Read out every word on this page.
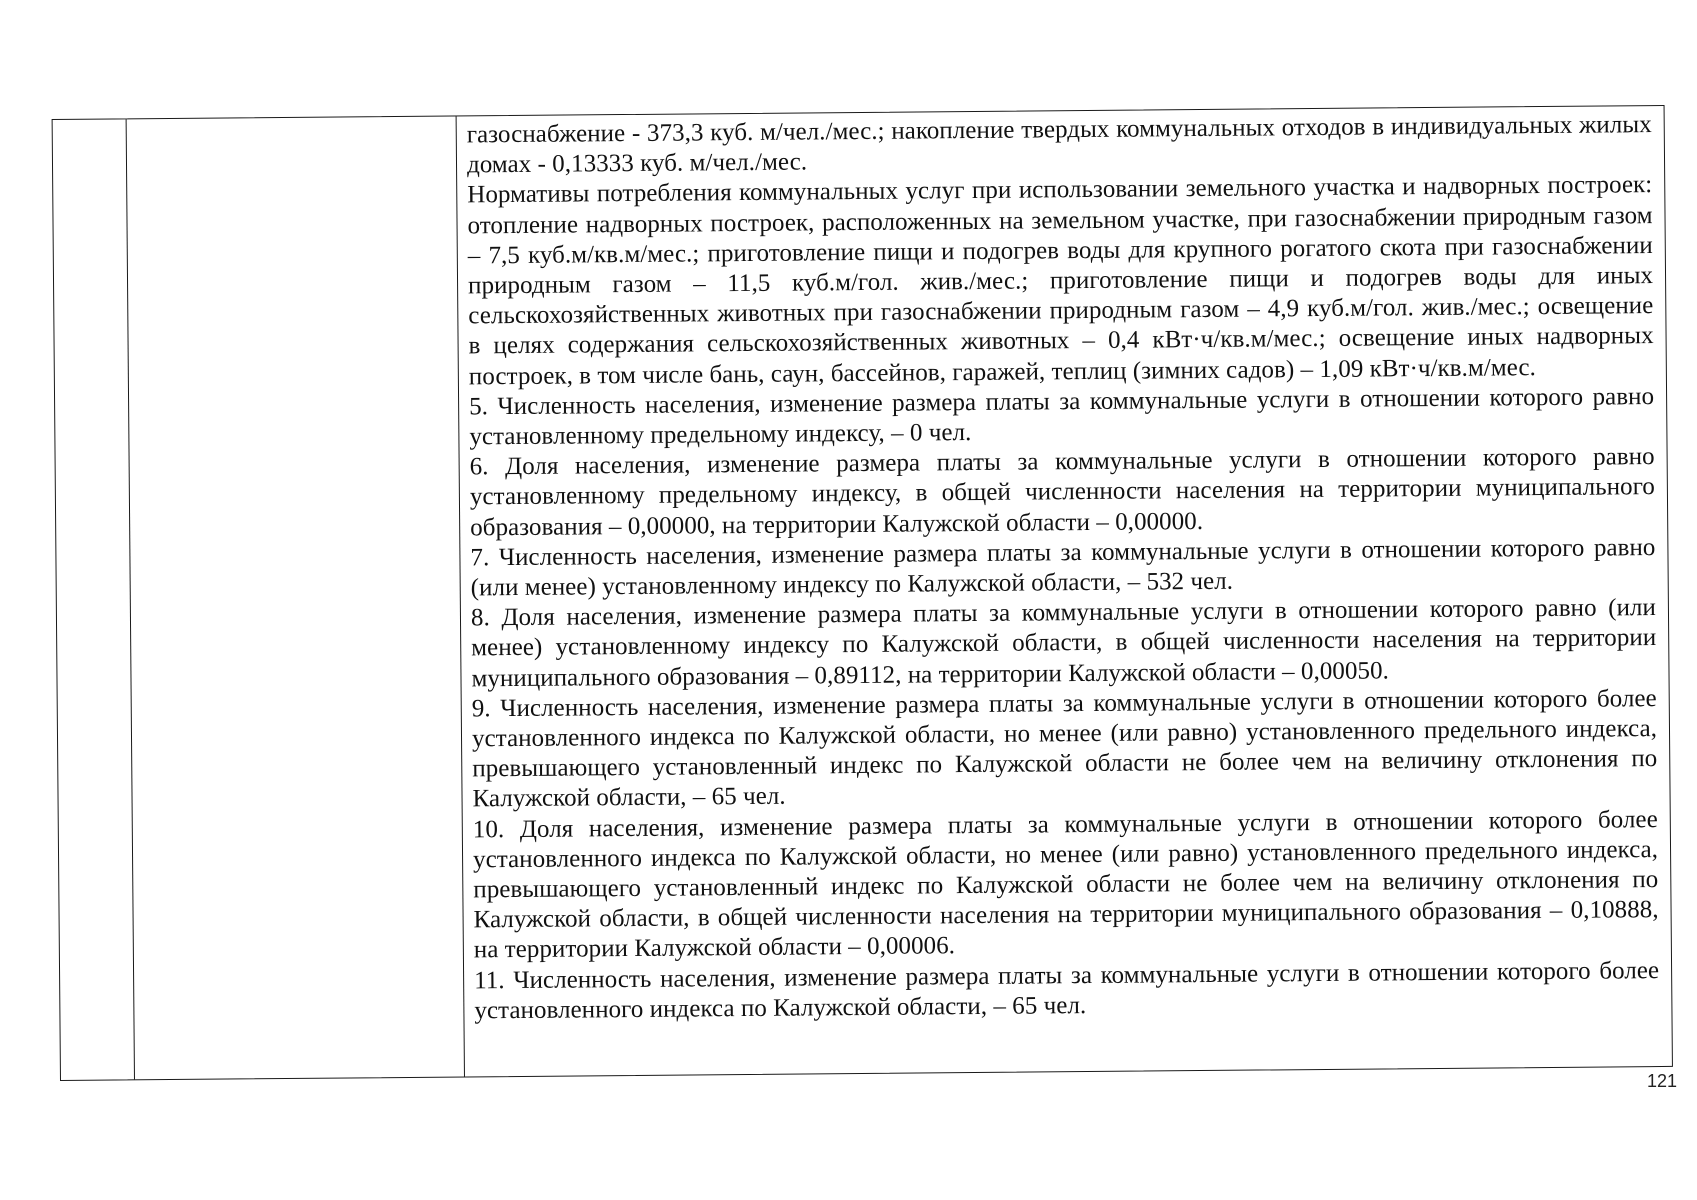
газоснабжение - 373,3 куб. м/чел./мес.; накопление твердых коммунальных отходов в индивидуальных жилых домах - 0,13333 куб. м/чел./мес.

Нормативы потребления коммунальных услуг при использовании земельного участка и надворных построек: отопление надворных построек, расположенных на земельном участке, при газоснабжении природным газом – 7,5 куб.м/кв.м/мес.; приготовление пищи и подогрев воды для крупного рогатого скота при газоснабжении природным газом – 11,5 куб.м/гол. жив./мес.; приготовление пищи и подогрев воды для иных сельскохозяйственных животных при газоснабжении природным газом – 4,9 куб.м/гол. жив./мес.; освещение в целях содержания сельскохозяйственных животных – 0,4 кВт·ч/кв.м/мес.; освещение иных надворных построек, в том числе бань, саун, бассейнов, гаражей, теплиц (зимних садов) – 1,09 кВт·ч/кв.м/мес.

5. Численность населения, изменение размера платы за коммунальные услуги в отношении которого равно установленному предельному индексу, – 0 чел.

6. Доля населения, изменение размера платы за коммунальные услуги в отношении которого равно установленному предельному индексу, в общей численности населения на территории муниципального образования – 0,00000, на территории Калужской области – 0,00000.

7. Численность населения, изменение размера платы за коммунальные услуги в отношении которого равно (или менее) установленному индексу по Калужской области, – 532 чел.

8. Доля населения, изменение размера платы за коммунальные услуги в отношении которого равно (или менее) установленному индексу по Калужской области, в общей численности населения на территории муниципального образования – 0,89112, на территории Калужской области – 0,00050.

9. Численность населения, изменение размера платы за коммунальные услуги в отношении которого более установленного индекса по Калужской области, но менее (или равно) установленного предельного индекса, превышающего установленный индекс по Калужской области не более чем на величину отклонения по Калужской области, – 65 чел.

10. Доля населения, изменение размера платы за коммунальные услуги в отношении которого более установленного индекса по Калужской области, но менее (или равно) установленного предельного индекса, превышающего установленный индекс по Калужской области не более чем на величину отклонения по Калужской области, в общей численности населения на территории муниципального образования – 0,10888, на территории Калужской области – 0,00006.

11. Численность населения, изменение размера платы за коммунальные услуги в отношении которого более установленного индекса по Калужской области, – 65 чел.

121
